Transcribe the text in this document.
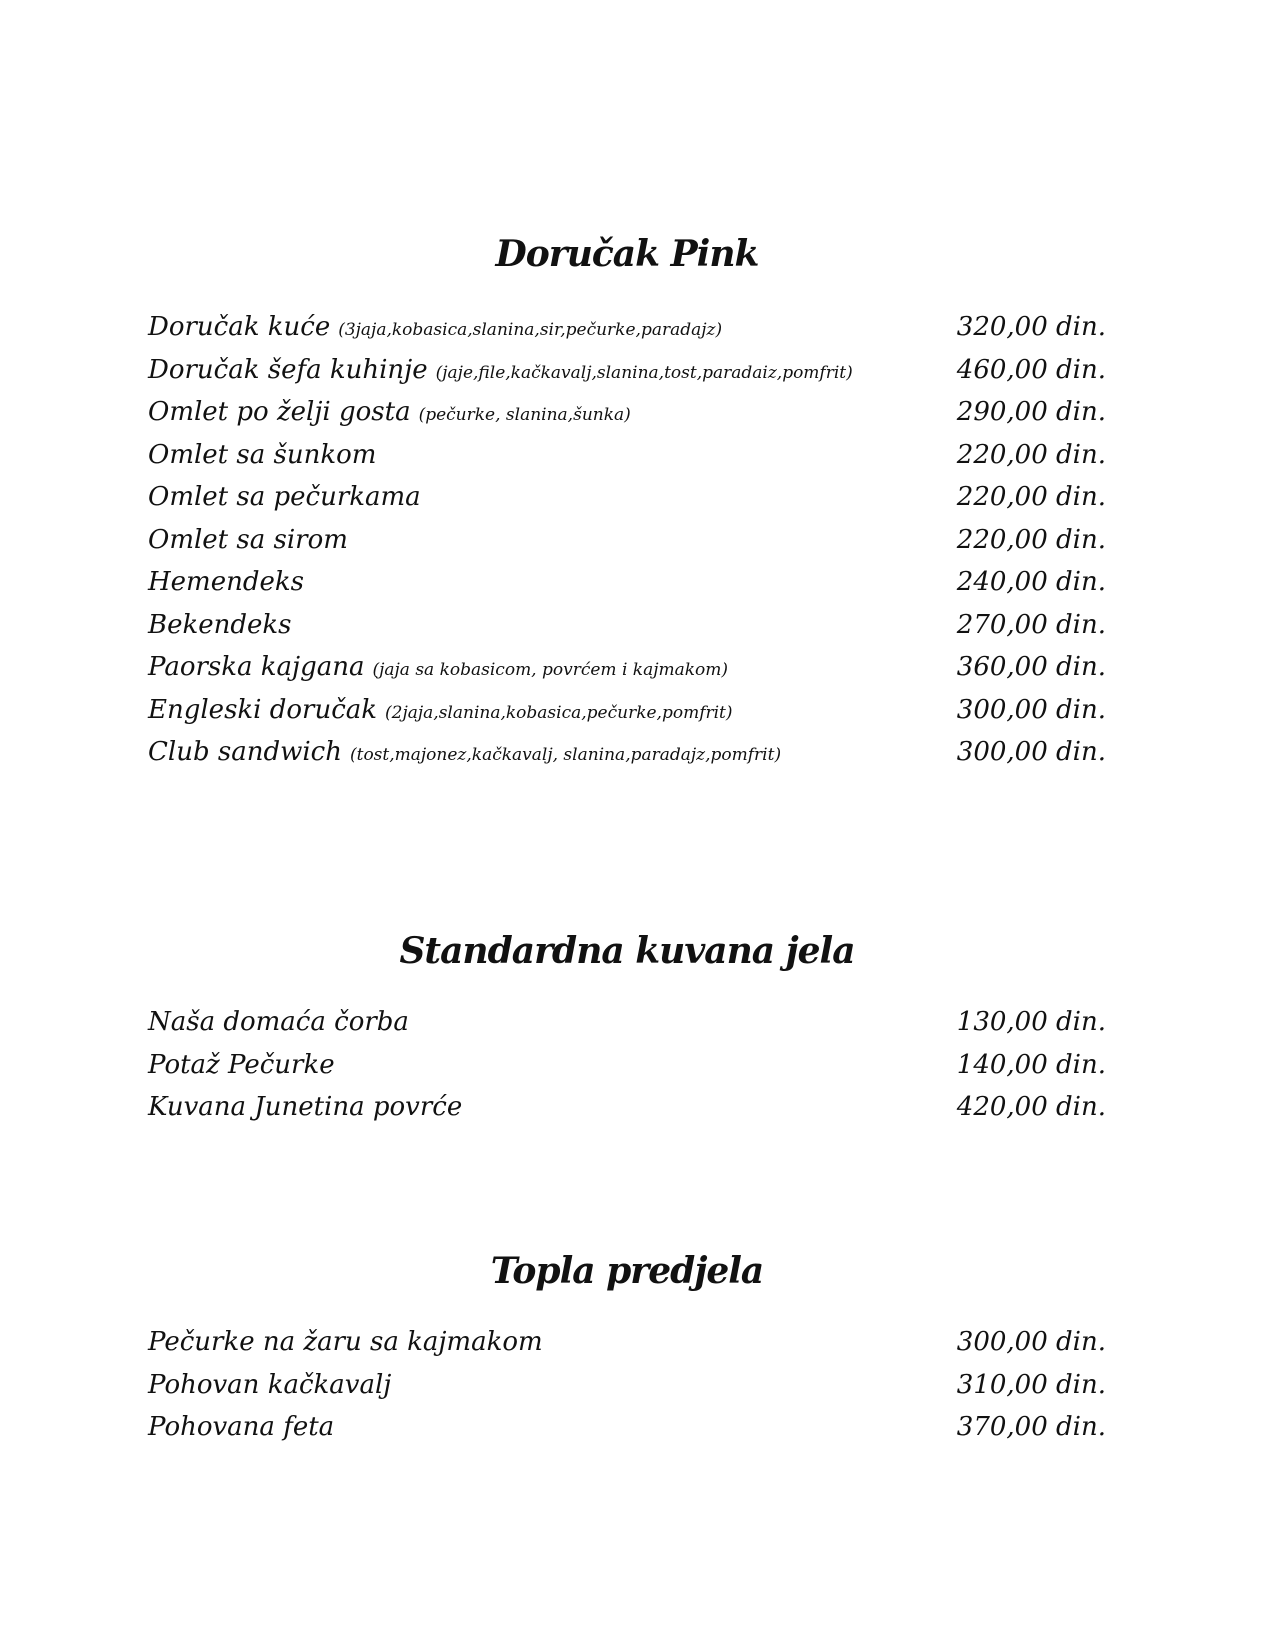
Doručak Pink
Doručak kuće (3jaja,kobasica,slanina,sir,pečurke,paradajz)	320,00 din.
Doručak šefa kuhinje (jaje,file,kačkavalj,slanina,tost,paradaiz,pomfrit)	460,00 din.
Omlet po želji gosta (pečurke, slanina,šunka)	290,00 din.
Omlet sa šunkom	220,00 din.
Omlet sa pečurkama	220,00 din.
Omlet sa sirom	220,00 din.
Hemendeks	240,00 din.
Bekendeks	270,00 din.
Paorska kajgana (jaja sa kobasicom, povrćem i kajmakom)	360,00 din.
Engleski doručak (2jaja,slanina,kobasica,pečurke,pomfrit)	300,00 din.
Club sandwich (tost,majonez,kačkavalj, slanina,paradajz,pomfrit)	300,00 din.
Standardna kuvana jela
Naša domaća čorba	130,00 din.
Potaž Pečurke	140,00 din.
Kuvana Junetina povrće	420,00 din.
Topla predjela
Pečurke na žaru sa kajmakom	300,00 din.
Pohovan kačkavalj	310,00 din.
Pohovana feta	370,00 din.
